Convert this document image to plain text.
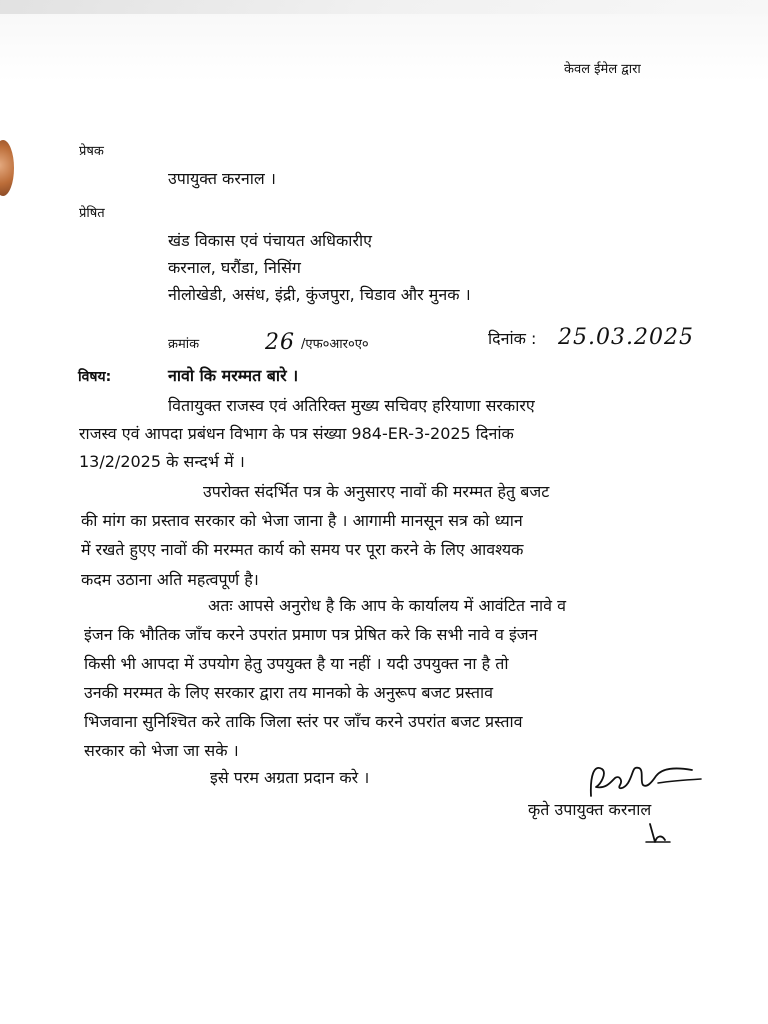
केवल ईमेल द्वारा
प्रेषक
उपायुक्त करनाल ।
प्रेषित
खंड विकास एवं पंचायत अधिकारीए
करनाल, घरौंडा, निसिंग
नीलोखेडी, असंध, इंद्री, कुंजपुरा, चिडाव और मुनक ।
क्रमांक	26 /एफ०आर०ए०	दिनांक : 25.03.2025
विषय:	नावो कि मरम्मत बारे ।
वितायुक्त राजस्व एवं अतिरिक्त मुख्य सचिवए हरियाणा सरकारए
राजस्व एवं आपदा प्रबंधन विभाग के पत्र संख्या 984-ER-3-2025 दिनांक
13/2/2025 के सन्दर्भ में ।
उपरोक्त संदर्भित पत्र के अनुसारए नावों की मरम्मत हेतु बजट
की मांग का प्रस्ताव सरकार को भेजा जाना है । आगामी मानसून सत्र को ध्यान
में रखते हुएए नावों की मरम्मत कार्य को समय पर पूरा करने के लिए आवश्यक
कदम उठाना अति महत्वपूर्ण है।
अतः आपसे अनुरोध है कि आप के कार्यालय में आवंटित नावे व
इंजन कि भौतिक जाँच करने उपरांत प्रमाण पत्र प्रेषित करे कि सभी नावे व इंजन
किसी भी आपदा में उपयोग हेतु उपयुक्त है या नहीं । यदी उपयुक्त ना है तो
उनकी मरम्मत के लिए सरकार द्वारा तय मानको के अनुरूप बजट प्रस्ताव
भिजवाना सुनिश्चित करे ताकि जिला स्तंर पर जाँच करने उपरांत बजट प्रस्ताव
सरकार को भेजा जा सके ।
इसे परम अग्रता प्रदान करे ।
कृते उपायुक्त करनाल
